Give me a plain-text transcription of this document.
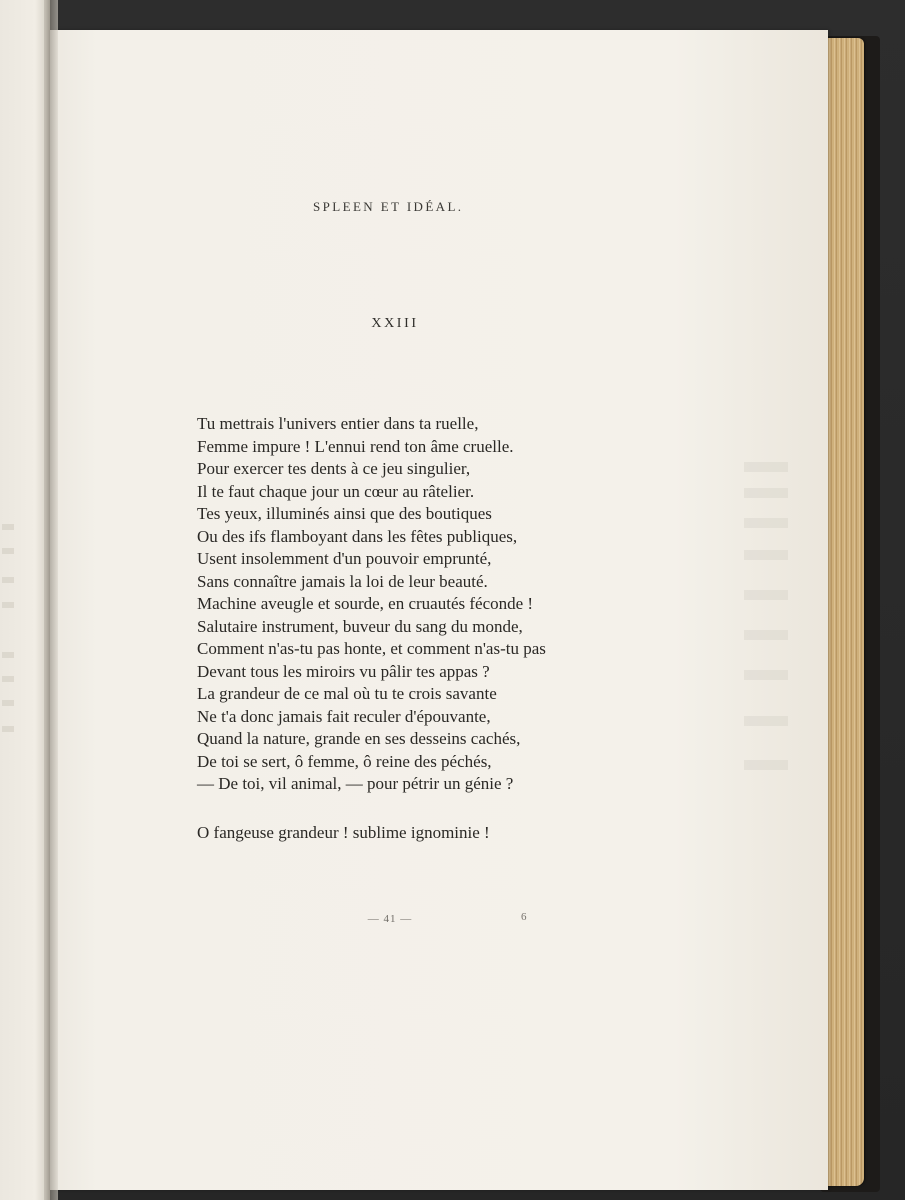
SPLEEN ET IDÉAL.
XXIII
Tu mettrais l'univers entier dans ta ruelle,
Femme impure ! L'ennui rend ton âme cruelle.
Pour exercer tes dents à ce jeu singulier,
Il te faut chaque jour un cœur au râtelier.
Tes yeux, illuminés ainsi que des boutiques
Ou des ifs flamboyant dans les fêtes publiques,
Usent insolemment d'un pouvoir emprunté,
Sans connaître jamais la loi de leur beauté.
Machine aveugle et sourde, en cruautés féconde !
Salutaire instrument, buveur du sang du monde,
Comment n'as-tu pas honte, et comment n'as-tu pas
Devant tous les miroirs vu pâlir tes appas ?
La grandeur de ce mal où tu te crois savante
Ne t'a donc jamais fait reculer d'épouvante,
Quand la nature, grande en ses desseins cachés,
De toi se sert, ô femme, ô reine des péchés,
— De toi, vil animal, — pour pétrir un génie ?
O fangeuse grandeur ! sublime ignominie !
— 41 —	6
